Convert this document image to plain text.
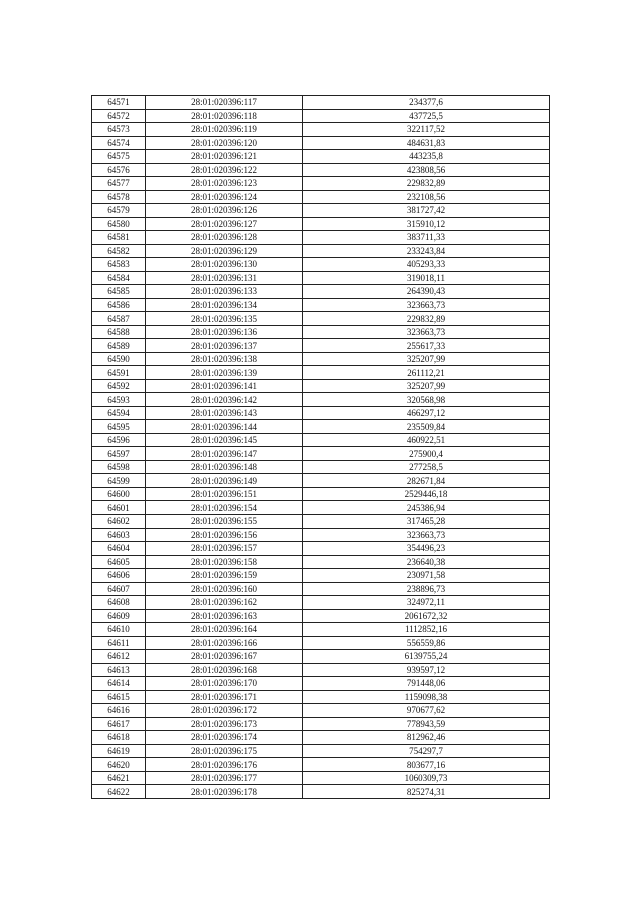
64571	28:01:020396:117	234377,6
64572	28:01:020396:118	437725,5
64573	28:01:020396:119	322117,52
64574	28:01:020396:120	484631,83
64575	28:01:020396:121	443235,8
64576	28:01:020396:122	423808,56
64577	28:01:020396:123	229832,89
64578	28:01:020396:124	232108,56
64579	28:01:020396:126	381727,42
64580	28:01:020396:127	315910,12
64581	28:01:020396:128	383711,33
64582	28:01:020396:129	233243,84
64583	28:01:020396:130	405293,33
64584	28:01:020396:131	319018,11
64585	28:01:020396:133	264390,43
64586	28:01:020396:134	323663,73
64587	28:01:020396:135	229832,89
64588	28:01:020396:136	323663,73
64589	28:01:020396:137	255617,33
64590	28:01:020396:138	325207,99
64591	28:01:020396:139	261112,21
64592	28:01:020396:141	325207,99
64593	28:01:020396:142	320568,98
64594	28:01:020396:143	466297,12
64595	28:01:020396:144	235509,84
64596	28:01:020396:145	460922,51
64597	28:01:020396:147	275900,4
64598	28:01:020396:148	277258,5
64599	28:01:020396:149	282671,84
64600	28:01:020396:151	2529446,18
64601	28:01:020396:154	245386,94
64602	28:01:020396:155	317465,28
64603	28:01:020396:156	323663,73
64604	28:01:020396:157	354496,23
64605	28:01:020396:158	236640,38
64606	28:01:020396:159	230971,58
64607	28:01:020396:160	238896,73
64608	28:01:020396:162	324972,11
64609	28:01:020396:163	2061672,32
64610	28:01:020396:164	1112852,16
64611	28:01:020396:166	556559,86
64612	28:01:020396:167	6139755,24
64613	28:01:020396:168	939597,12
64614	28:01:020396:170	791448,06
64615	28:01:020396:171	1159098,38
64616	28:01:020396:172	970677,62
64617	28:01:020396:173	778943,59
64618	28:01:020396:174	812962,46
64619	28:01:020396:175	754297,7
64620	28:01:020396:176	803677,16
64621	28:01:020396:177	1060309,73
64622	28:01:020396:178	825274,31
